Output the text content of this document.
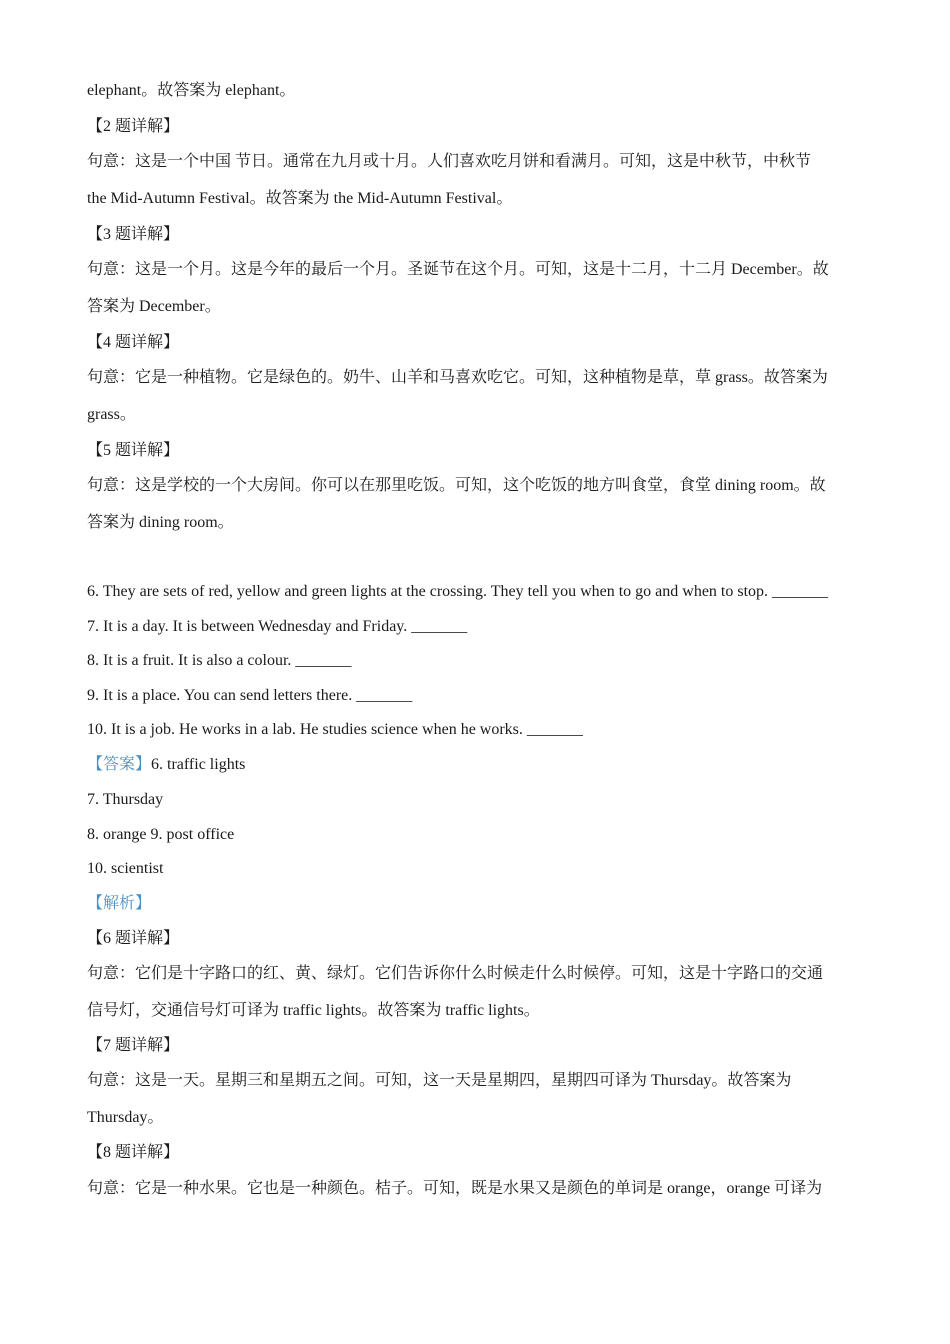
elephant。故答案为 elephant。
【2 题详解】
句意：这是一个中国 节日。通常在九月或十月。人们喜欢吃月饼和看满月。可知，这是中秋节，中秋节
the Mid-Autumn Festival。故答案为 the Mid-Autumn Festival。
【3 题详解】
句意：这是一个月。这是今年的最后一个月。圣诞节在这个月。可知，这是十二月，十二月 December。故
答案为 December。
【4 题详解】
句意：它是一种植物。它是绿色的。奶牛、山羊和马喜欢吃它。可知，这种植物是草，草 grass。故答案为
grass。
【5 题详解】
句意：这是学校的一个大房间。你可以在那里吃饭。可知，这个吃饭的地方叫食堂，食堂 dining room。故
答案为 dining room。
6. They are sets of red, yellow and green lights at the crossing. They tell you when to go and when to stop. _______
7. It is a day. It is between Wednesday and Friday. _______
8. It is a fruit. It is also a colour. _______
9. It is a place. You can send letters there. _______
10. It is a job. He works in a lab. He studies science when he works. _______
【答案】6. traffic lights
7. Thursday
8. orange 9. post office
10. scientist
【解析】
【6 题详解】
句意：它们是十字路口的红、黄、绿灯。它们告诉你什么时候走什么时候停。可知，这是十字路口的交通
信号灯，交通信号灯可译为 traffic lights。故答案为 traffic lights。
【7 题详解】
句意：这是一天。星期三和星期五之间。可知，这一天是星期四，星期四可译为 Thursday。故答案为
Thursday。
【8 题详解】
句意：它是一种水果。它也是一种颜色。桔子。可知，既是水果又是颜色的单词是 orange，orange 可译为
